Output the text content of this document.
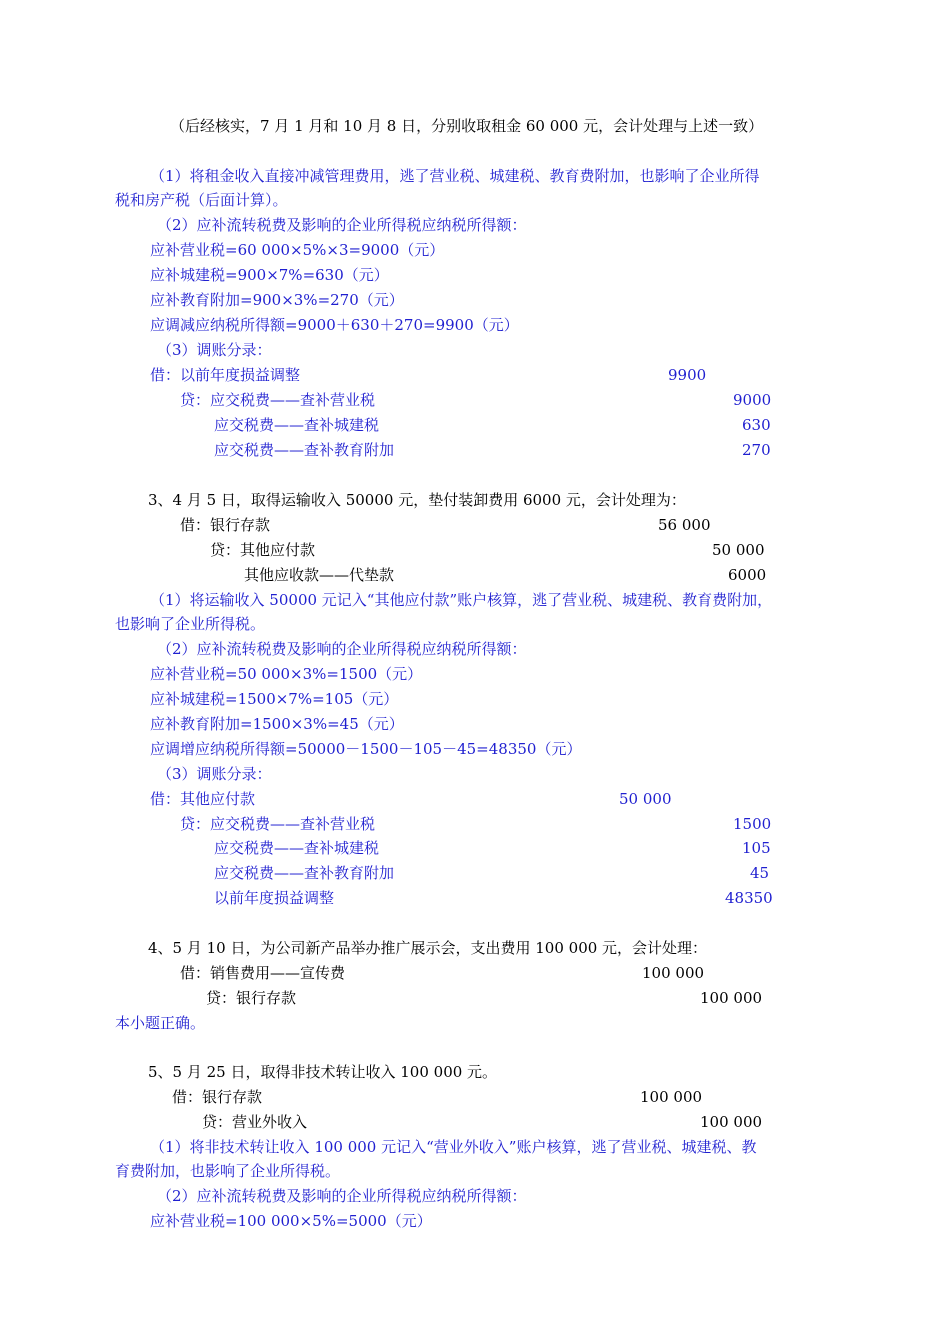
（后经核实，7 月 1 月和 10 月 8 日，分别收取租金 60 000 元，会计处理与上述一致）
（1）将租金收入直接冲减管理费用，逃了营业税、城建税、教育费附加，也影响了企业所得
税和房产税（后面计算）。
（2）应补流转税费及影响的企业所得税应纳税所得额：
应补营业税=60 000×5%×3=9000（元）
应补城建税=900×7%=630（元）
应补教育附加=900×3%=270（元）
应调减应纳税所得额=9000＋630＋270=9900（元）
（3）调账分录：
借：以前年度损益调整	9900
贷：应交税费——查补营业税	9000
应交税费——查补城建税	630
应交税费——查补教育附加	270
3、4 月 5 日，取得运输收入 50000 元，垫付装卸费用 6000 元，会计处理为：
借：银行存款	56 000
贷：其他应付款	50 000
其他应收款——代垫款	6000
（1）将运输收入 50000 元记入“其他应付款”账户核算，逃了营业税、城建税、教育费附加，
也影响了企业所得税。
（2）应补流转税费及影响的企业所得税应纳税所得额：
应补营业税=50 000×3%=1500（元）
应补城建税=1500×7%=105（元）
应补教育附加=1500×3%=45（元）
应调增应纳税所得额=50000－1500－105－45=48350（元）
（3）调账分录：
借：其他应付款	50 000
贷：应交税费——查补营业税	1500
应交税费——查补城建税	105
应交税费——查补教育附加	45
以前年度损益调整	48350
4、5 月 10 日，为公司新产品举办推广展示会，支出费用 100 000 元，会计处理：
借：销售费用——宣传费	100 000
贷：银行存款	100 000
本小题正确。
5、5 月 25 日，取得非技术转让收入 100 000 元。
借：银行存款	100 000
贷：营业外收入	100 000
（1）将非技术转让收入 100 000 元记入“营业外收入”账户核算，逃了营业税、城建税、教
育费附加，也影响了企业所得税。
（2）应补流转税费及影响的企业所得税应纳税所得额：
应补营业税=100 000×5%=5000（元）
